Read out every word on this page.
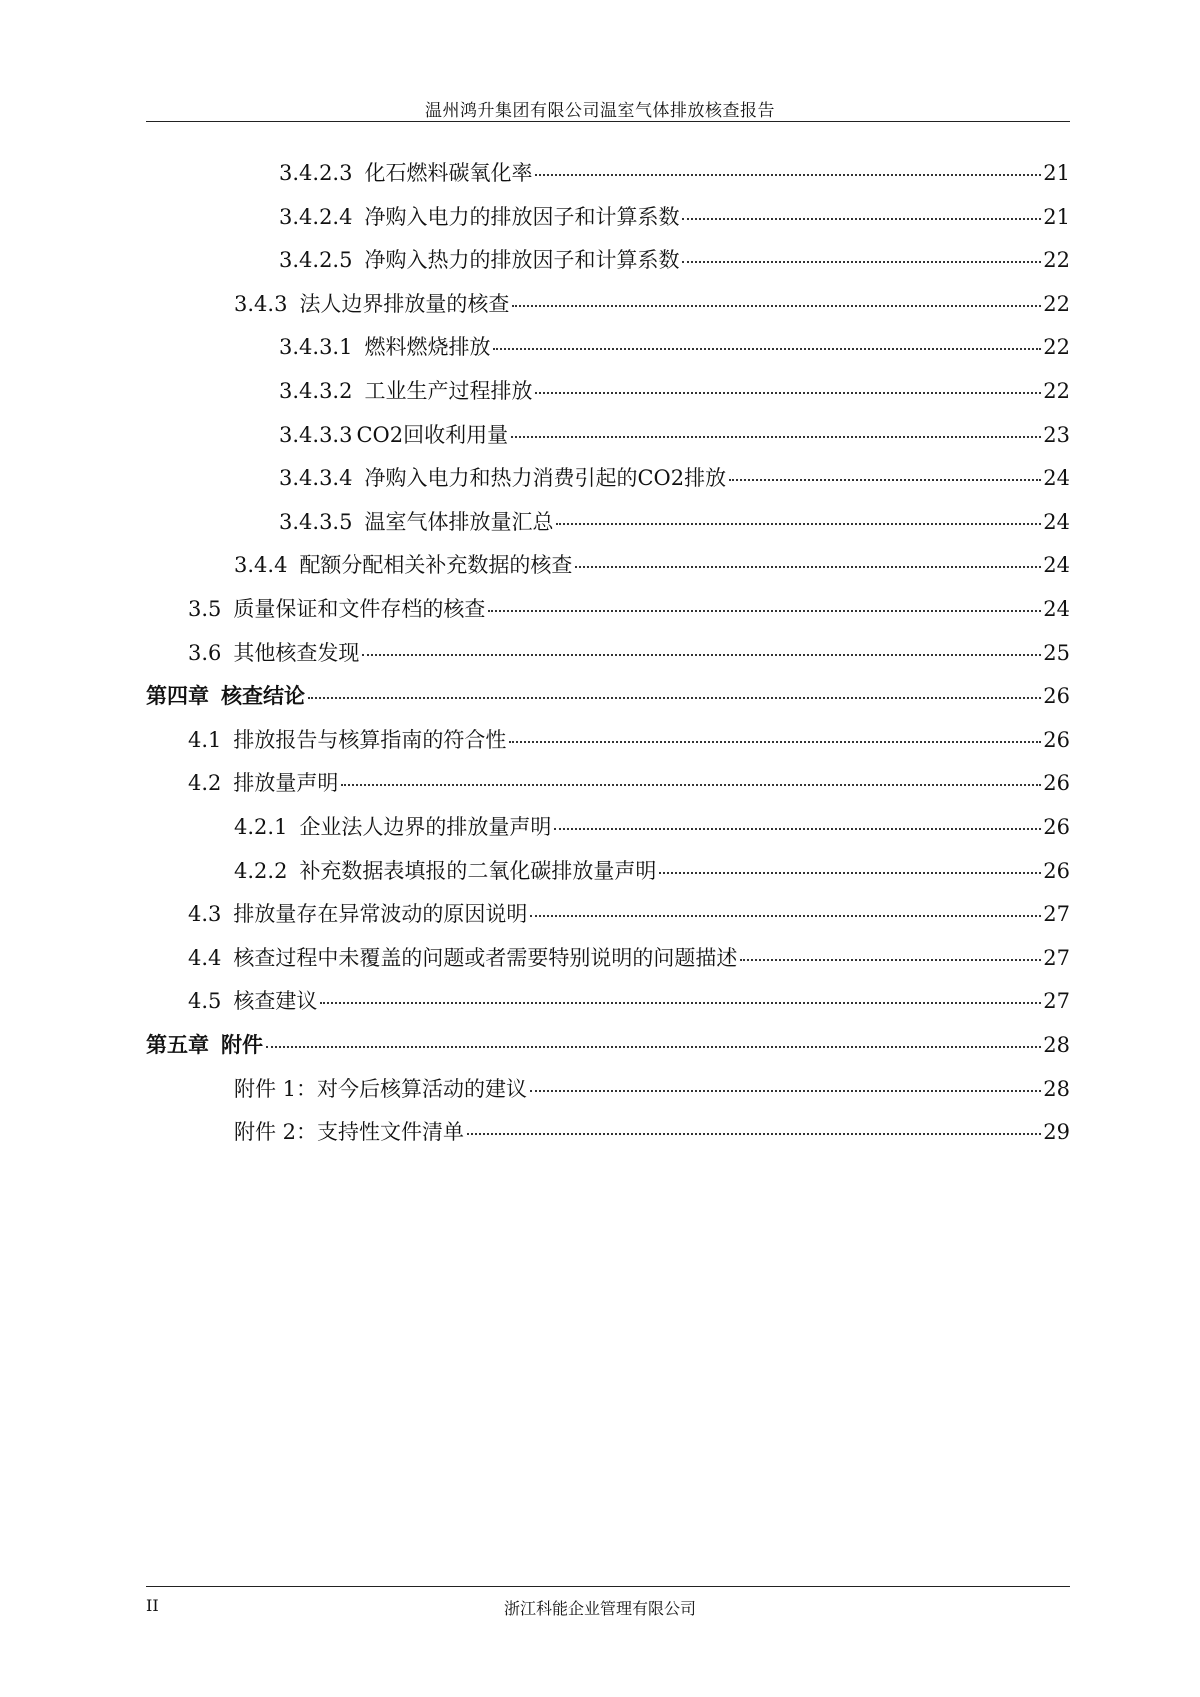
温州鸿升集团有限公司温室气体排放核查报告
3.4.2.3 化石燃料碳氧化率	21
3.4.2.4 净购入电力的排放因子和计算系数	21
3.4.2.5 净购入热力的排放因子和计算系数	22
3.4.3 法人边界排放量的核查	22
3.4.3.1 燃料燃烧排放	22
3.4.3.2 工业生产过程排放	22
3.4.3.3 CO2回收利用量	23
3.4.3.4 净购入电力和热力消费引起的CO2排放	24
3.4.3.5 温室气体排放量汇总	24
3.4.4 配额分配相关补充数据的核查	24
3.5 质量保证和文件存档的核查	24
3.6 其他核查发现	25
第四章 核查结论	26
4.1 排放报告与核算指南的符合性	26
4.2 排放量声明	26
4.2.1 企业法人边界的排放量声明	26
4.2.2 补充数据表填报的二氧化碳排放量声明	26
4.3 排放量存在异常波动的原因说明	27
4.4 核查过程中未覆盖的问题或者需要特别说明的问题描述	27
4.5 核查建议	27
第五章 附件	28
附件 1：对今后核算活动的建议	28
附件 2：支持性文件清单	29
II	浙江科能企业管理有限公司
